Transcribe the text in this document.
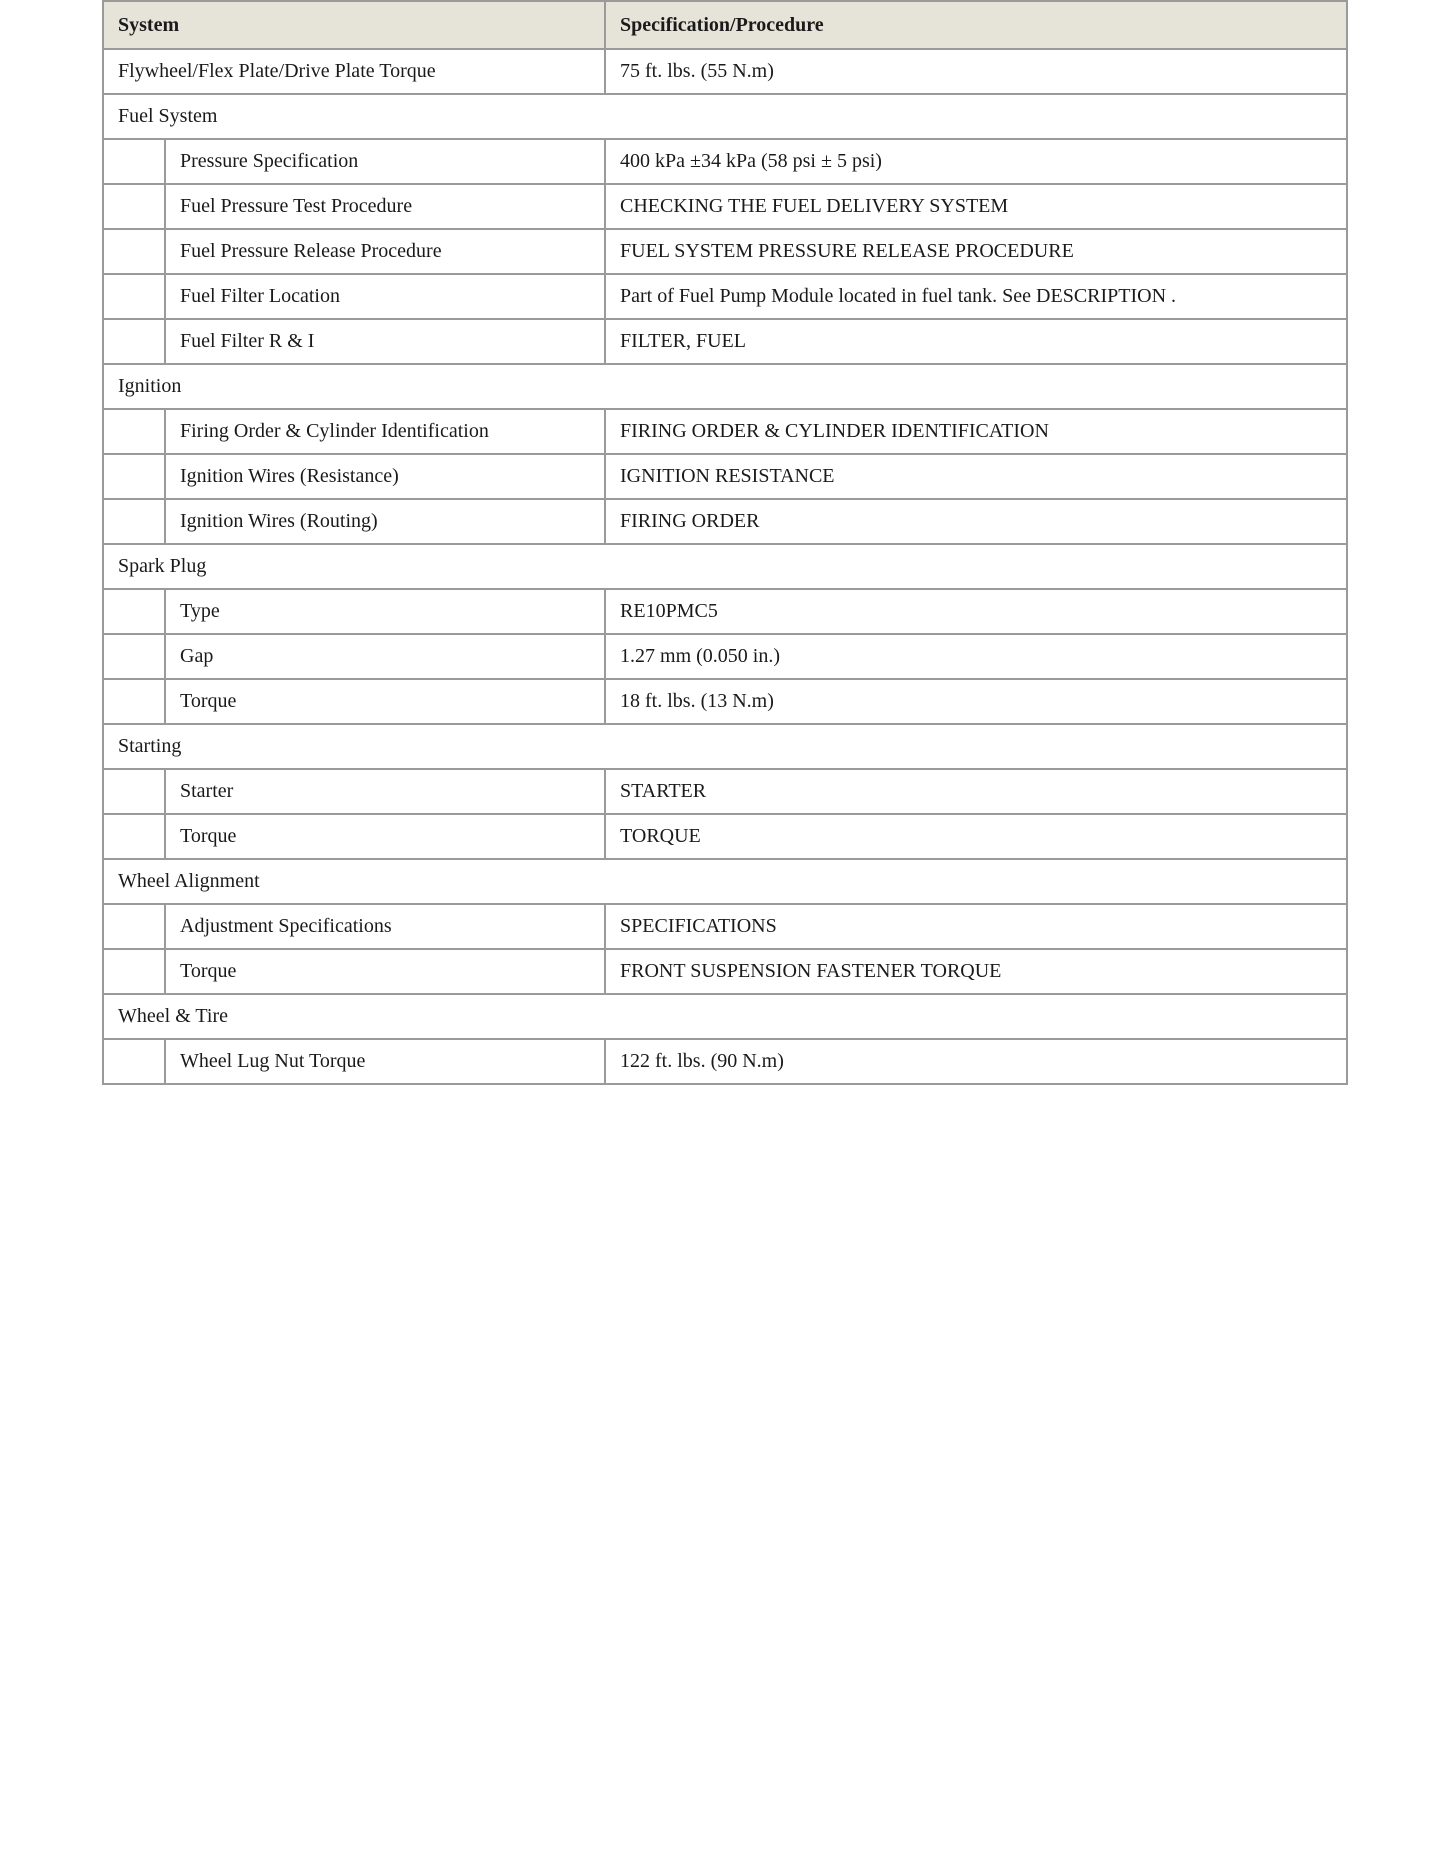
System		Specification/Procedure
Flywheel/Flex Plate/Drive Plate Torque		75 ft. lbs. (55 N.m)
Fuel System		
	Pressure Specification	400 kPa ±34 kPa (58 psi ± 5 psi)
	Fuel Pressure Test Procedure	CHECKING THE FUEL DELIVERY SYSTEM
	Fuel Pressure Release Procedure	FUEL SYSTEM PRESSURE RELEASE PROCEDURE
	Fuel Filter Location	Part of Fuel Pump Module located in fuel tank. See DESCRIPTION .
	Fuel Filter R & I	FILTER, FUEL
Ignition		
	Firing Order & Cylinder Identification	FIRING ORDER & CYLINDER IDENTIFICATION
	Ignition Wires (Resistance)	IGNITION RESISTANCE
	Ignition Wires (Routing)	FIRING ORDER
Spark Plug		
	Type	RE10PMC5
	Gap	1.27 mm (0.050 in.)
	Torque	18 ft. lbs. (13 N.m)
Starting		
	Starter	STARTER
	Torque	TORQUE
Wheel Alignment		
	Adjustment Specifications	SPECIFICATIONS
	Torque	FRONT SUSPENSION FASTENER TORQUE
Wheel & Tire		
	Wheel Lug Nut Torque	122 ft. lbs. (90 N.m)
